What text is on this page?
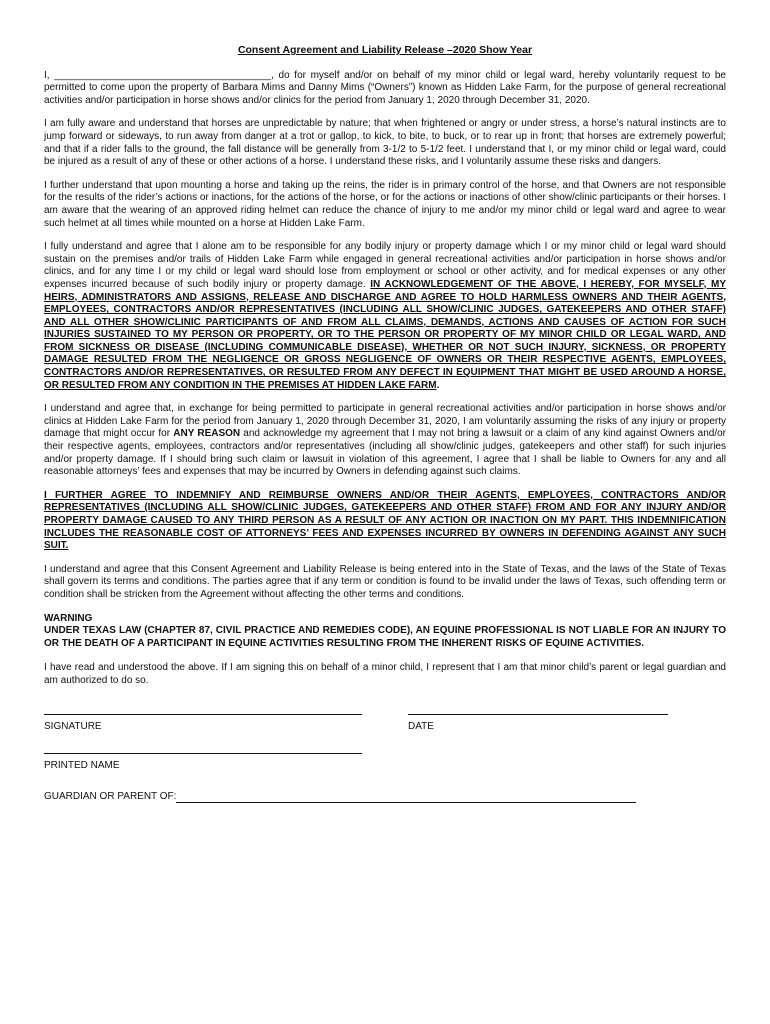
Consent Agreement and Liability Release –2020 Show Year

I, _______________________________________, do for myself and/or on behalf of my minor child or legal ward, hereby voluntarily request to be permitted to come upon the property of Barbara Mims and Danny Mims (“Owners”) known as Hidden Lake Farm, for the purpose of general recreational activities and/or participation in horse shows and/or clinics for the period from January 1, 2020 through December 31, 2020.

I am fully aware and understand that horses are unpredictable by nature; that when frightened or angry or under stress, a horse’s natural instincts are to jump forward or sideways, to run away from danger at a trot or gallop, to kick, to bite, to buck, or to rear up in front; that horses are extremely powerful; and that if a rider falls to the ground, the fall distance will be generally from 3-1/2 to 5-1/2 feet. I understand that I, or my minor child or legal ward, could be injured as a result of any of these or other actions of a horse. I understand these risks, and I voluntarily assume these risks and dangers.

I further understand that upon mounting a horse and taking up the reins, the rider is in primary control of the horse, and that Owners are not responsible for the results of the rider’s actions or inactions, for the actions of the horse, or for the actions or inactions of other show/clinic participants or their horses. I am aware that the wearing of an approved riding helmet can reduce the chance of injury to me and/or my minor child or legal ward and agree to wear such helmet at all times while mounted on a horse at Hidden Lake Farm.

I fully understand and agree that I alone am to be responsible for any bodily injury or property damage which I or my minor child or legal ward should sustain on the premises and/or trails of Hidden Lake Farm while engaged in general recreational activities and/or participation in horse shows and/or clinics, and for any time I or my child or legal ward should lose from employment or school or other activity, and for medical expenses or any other expenses incurred because of such bodily injury or property damage. IN ACKNOWLEDGEMENT OF THE ABOVE, I HEREBY, FOR MYSELF, MY HEIRS, ADMINISTRATORS AND ASSIGNS, RELEASE AND DISCHARGE AND AGREE TO HOLD HARMLESS OWNERS AND THEIR AGENTS, EMPLOYEES, CONTRACTORS AND/OR REPRESENTATIVES (INCLUDING ALL SHOW/CLINIC JUDGES, GATEKEEPERS AND OTHER STAFF) AND ALL OTHER SHOW/CLINIC PARTICIPANTS OF AND FROM ALL CLAIMS, DEMANDS, ACTIONS AND CAUSES OF ACTION FOR SUCH INJURIES SUSTAINED TO MY PERSON OR PROPERTY, OR TO THE PERSON OR PROPERTY OF MY MINOR CHILD OR LEGAL WARD, AND FROM SICKNESS OR DISEASE (INCLUDING COMMUNICABLE DISEASE), WHETHER OR NOT SUCH INJURY, SICKNESS, OR PROPERTY DAMAGE RESULTED FROM THE NEGLIGENCE OR GROSS NEGLIGENCE OF OWNERS OR THEIR RESPECTIVE AGENTS, EMPLOYEES, CONTRACTORS AND/OR REPRESENTATIVES, OR RESULTED FROM ANY DEFECT IN EQUIPMENT THAT MIGHT BE USED AROUND A HORSE, OR RESULTED FROM ANY CONDITION IN THE PREMISES AT HIDDEN LAKE FARM.

I understand and agree that, in exchange for being permitted to participate in general recreational activities and/or participation in horse shows and/or clinics at Hidden Lake Farm for the period from January 1, 2020 through December 31, 2020, I am voluntarily assuming the risks of any injury or property damage that might occur for ANY REASON and acknowledge my agreement that I may not bring a lawsuit or a claim of any kind against Owners and/or their respective agents, employees, contractors and/or representatives (including all show/clinic judges, gatekeepers and other staff) for such injuries and/or property damage. If I should bring such claim or lawsuit in violation of this agreement, I agree that I shall be liable to Owners for any and all reasonable attorneys’ fees and expenses that may be incurred by Owners in defending against such claims.

I FURTHER AGREE TO INDEMNIFY AND REIMBURSE OWNERS AND/OR THEIR AGENTS, EMPLOYEES, CONTRACTORS AND/OR REPRESENTATIVES (INCLUDING ALL SHOW/CLINIC JUDGES, GATEKEEPERS AND OTHER STAFF) FROM AND FOR ANY INJURY AND/OR PROPERTY DAMAGE CAUSED TO ANY THIRD PERSON AS A RESULT OF ANY ACTION OR INACTION ON MY PART. THIS INDEMNIFICATION INCLUDES THE REASONABLE COST OF ATTORNEYS’ FEES AND EXPENSES INCURRED BY OWNERS IN DEFENDING AGAINST ANY SUCH SUIT.

I understand and agree that this Consent Agreement and Liability Release is being entered into in the State of Texas, and the laws of the State of Texas shall govern its terms and conditions. The parties agree that if any term or condition is found to be invalid under the laws of Texas, such offending term or condition shall be stricken from the Agreement without affecting the other terms and conditions.

WARNING
UNDER TEXAS LAW (CHAPTER 87, CIVIL PRACTICE AND REMEDIES CODE), AN EQUINE PROFESSIONAL IS NOT LIABLE FOR AN INJURY TO OR THE DEATH OF A PARTICIPANT IN EQUINE ACTIVITIES RESULTING FROM THE INHERENT RISKS OF EQUINE ACTIVITIES.

I have read and understood the above. If I am signing this on behalf of a minor child, I represent that I am that minor child’s parent or legal guardian and am authorized to do so.

SIGNATURE	DATE
PRINTED NAME
GUARDIAN OR PARENT OF:
